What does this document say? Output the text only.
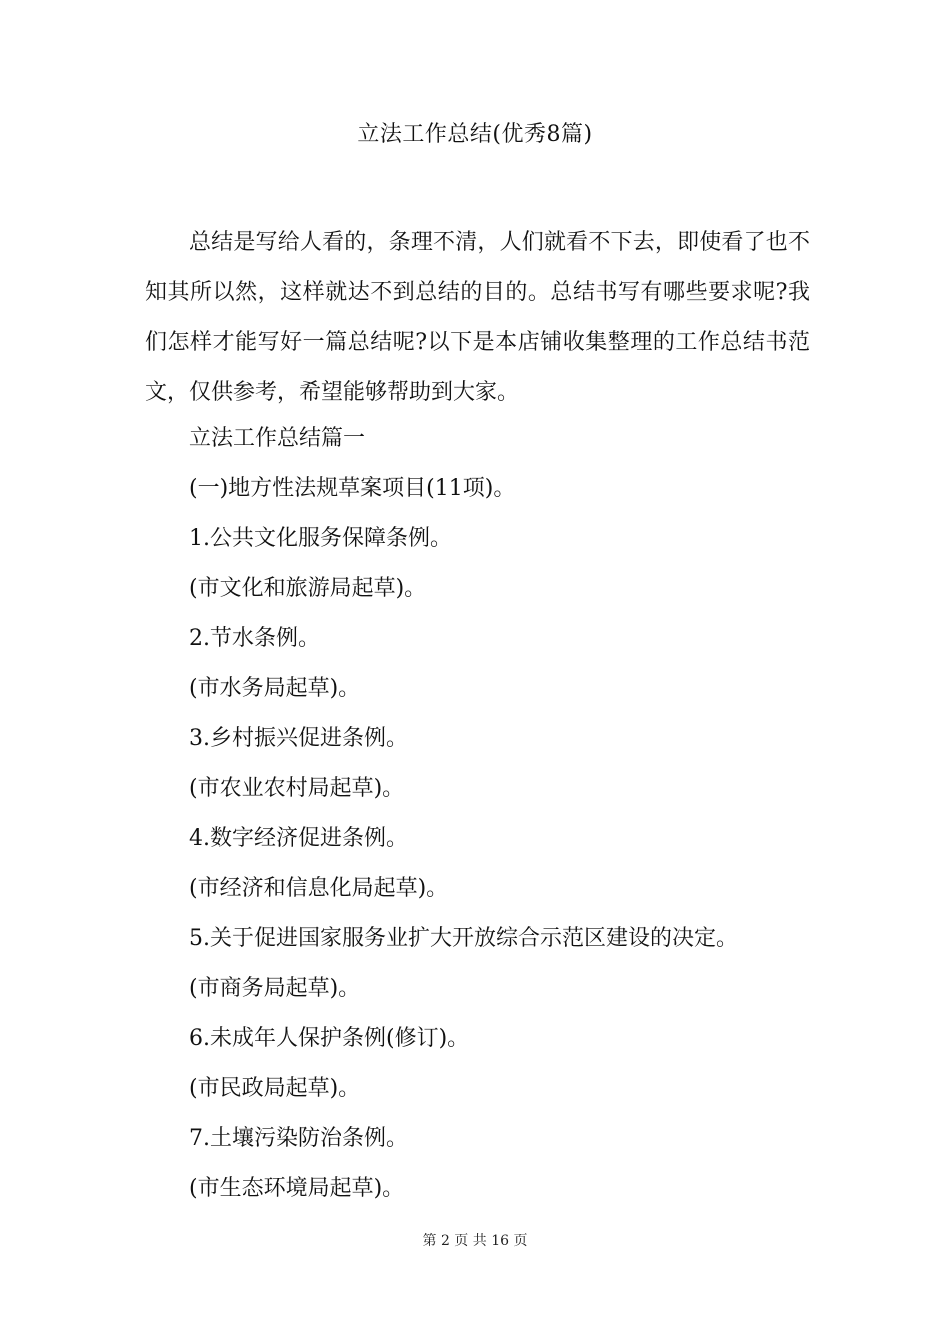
立法工作总结(优秀8篇)

总结是写给人看的，条理不清，人们就看不下去，即使看了也不知其所以然，这样就达不到总结的目的。总结书写有哪些要求呢?我们怎样才能写好一篇总结呢?以下是本店铺收集整理的工作总结书范文，仅供参考，希望能够帮助到大家。

立法工作总结篇一
(一)地方性法规草案项目(11项)。
1.公共文化服务保障条例。
(市文化和旅游局起草)。
2.节水条例。
(市水务局起草)。
3.乡村振兴促进条例。
(市农业农村局起草)。
4.数字经济促进条例。
(市经济和信息化局起草)。
5.关于促进国家服务业扩大开放综合示范区建设的决定。
(市商务局起草)。
6.未成年人保护条例(修订)。
(市民政局起草)。
7.土壤污染防治条例。
(市生态环境局起草)。
第 2 页 共 16 页
